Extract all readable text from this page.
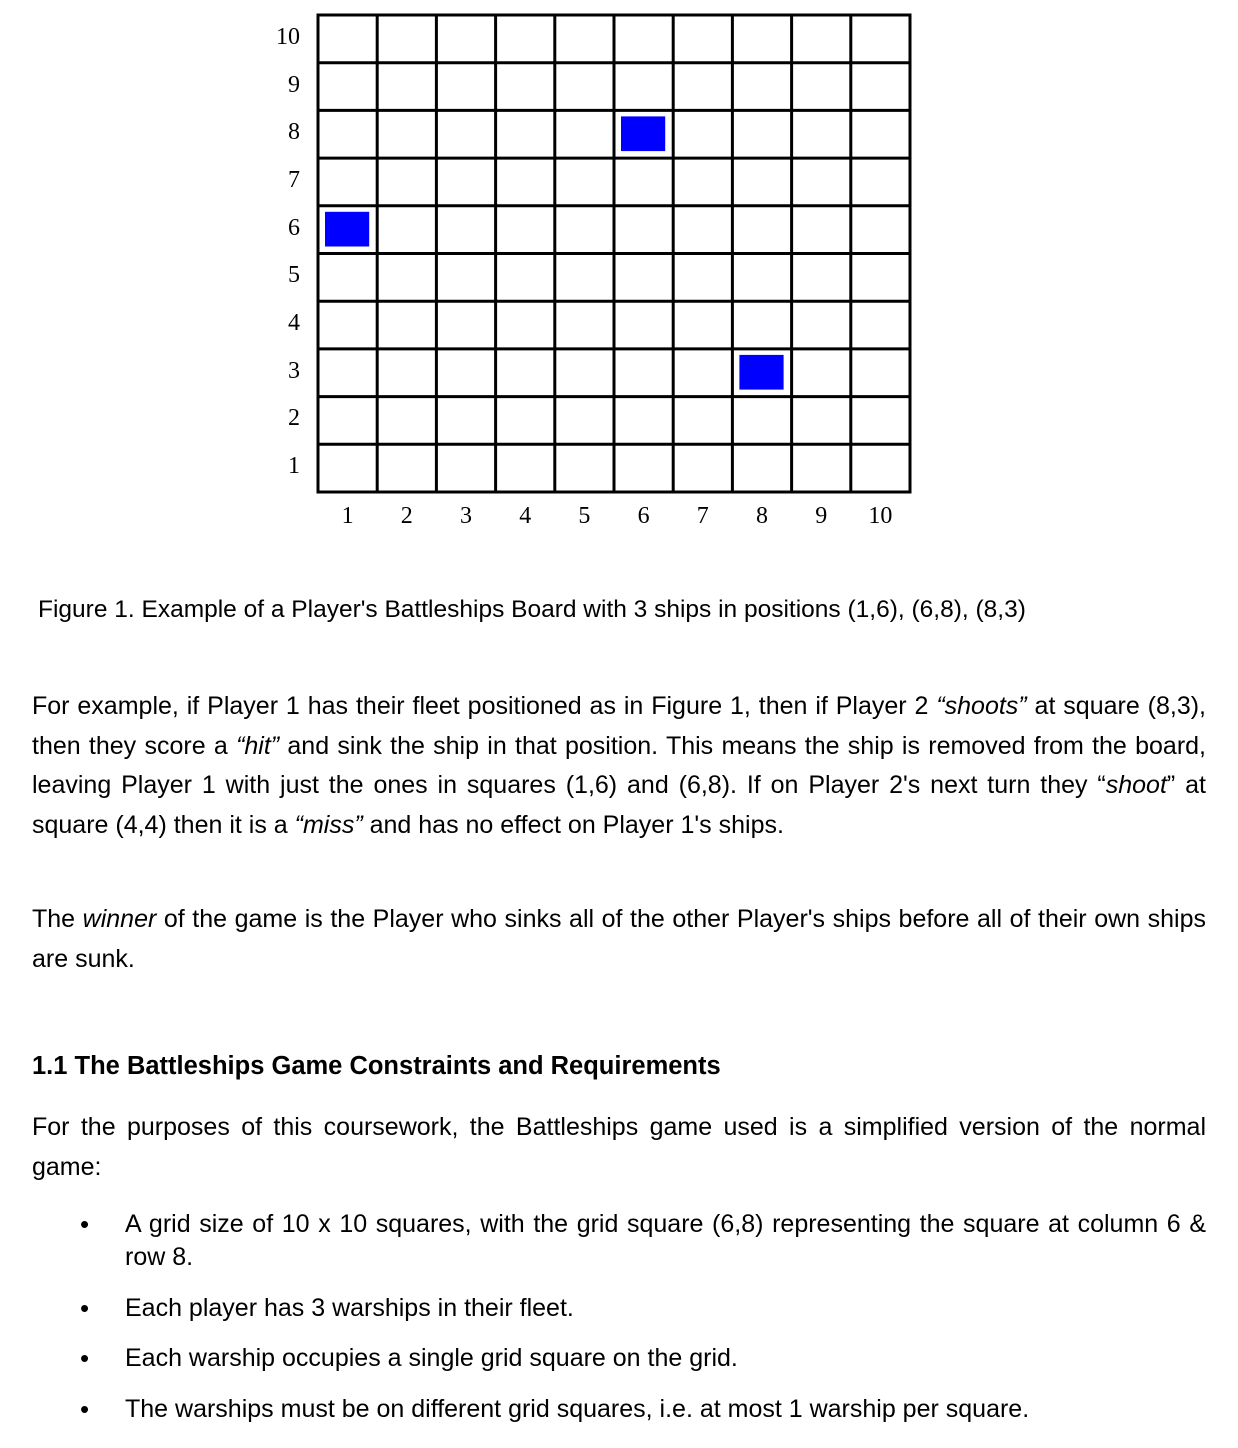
10
9
8
7
6
5
4
3
2
1
1	2	3	4	5	6	7	8	9	10
Figure 1. Example of a Player's Battleships Board with 3 ships in positions (1,6), (6,8), (8,3)

For example, if Player 1 has their fleet positioned as in Figure 1, then if Player 2 “shoots” at square (8,3), then they score a “hit” and sink the ship in that position. This means the ship is removed from the board, leaving Player 1 with just the ones in squares (1,6) and (6,8). If on Player 2's next turn they “shoot” at square (4,4) then it is a “miss” and has no effect on Player 1's ships.

The winner of the game is the Player who sinks all of the other Player's ships before all of their own ships are sunk.

1.1 The Battleships Game Constraints and Requirements

For the purposes of this coursework, the Battleships game used is a simplified version of the normal game:

• A grid size of 10 x 10 squares, with the grid square (6,8) representing the square at column 6 & row 8.
• Each player has 3 warships in their fleet.
• Each warship occupies a single grid square on the grid.
• The warships must be on different grid squares, i.e. at most 1 warship per square.
